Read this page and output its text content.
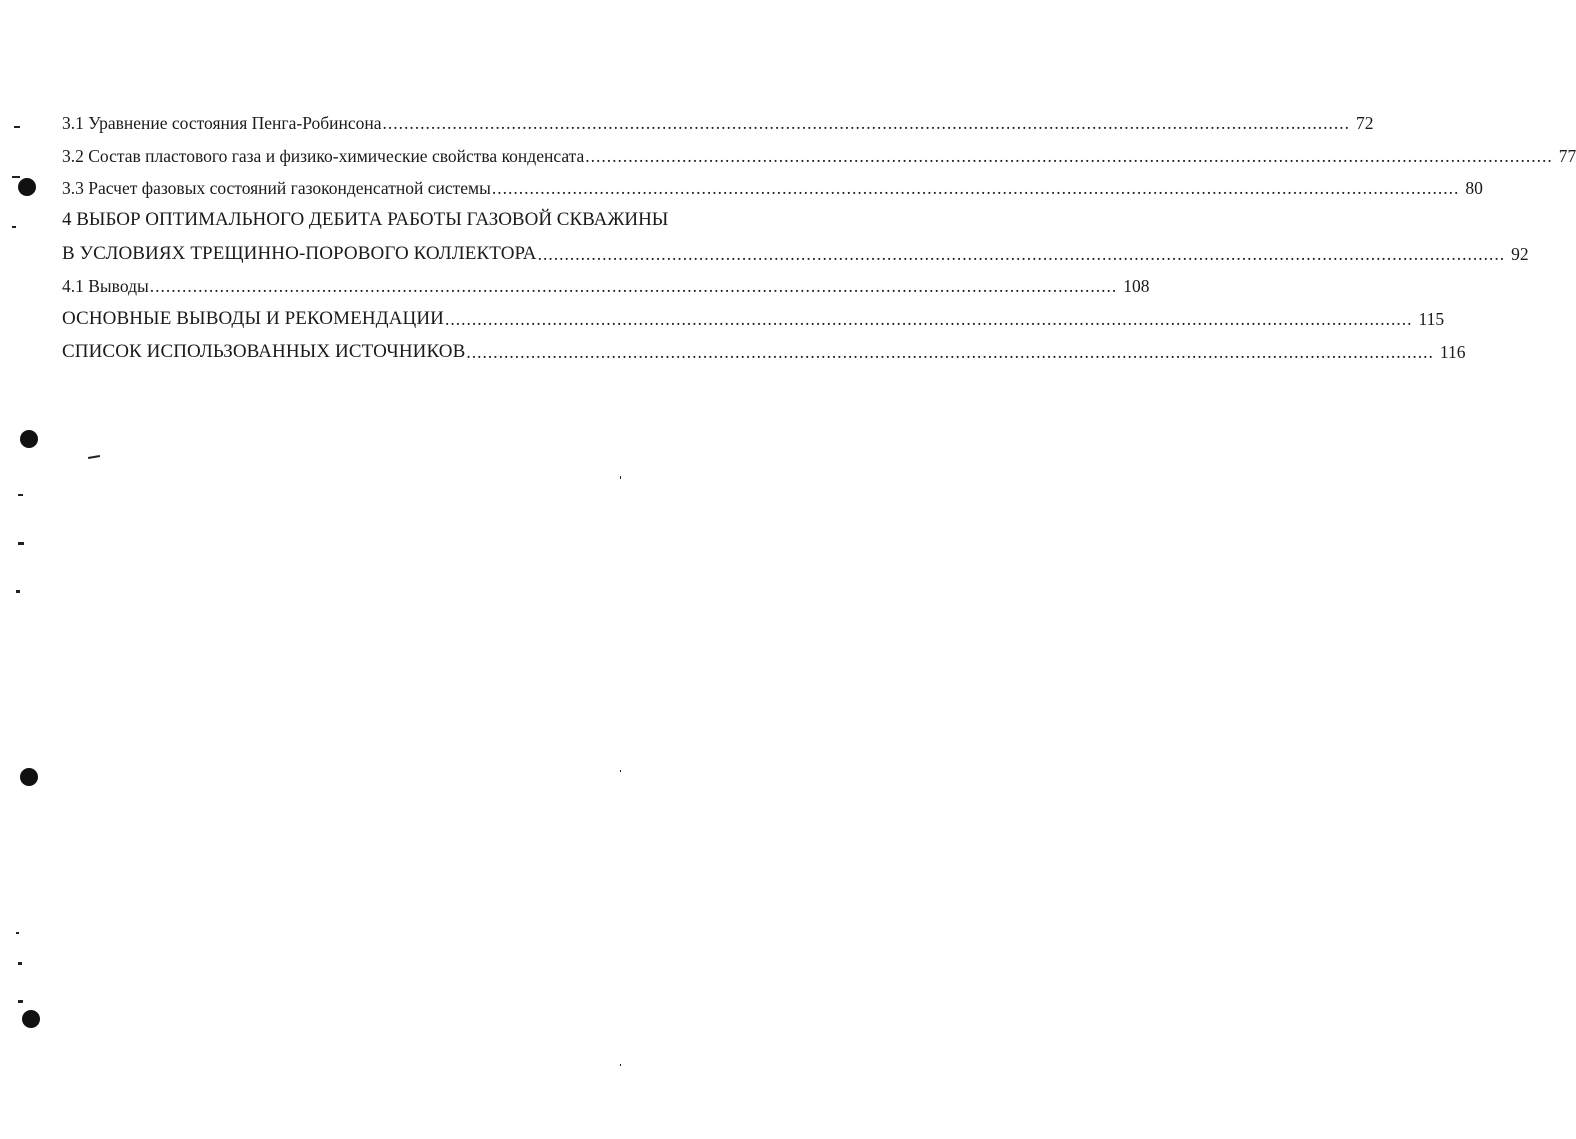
3.1 Уравнение состояния Пенга-Робинсона .................................................................................................................................................................................... 72
3.2 Состав пластового газа и физико-химические свойства конденсата .................................................................................................................................................................................... 77
3.3 Расчет фазовых состояний газоконденсатной системы .................................................................................................................................................................................... 80
4 ВЫБОР ОПТИМАЛЬНОГО ДЕБИТА РАБОТЫ ГАЗОВОЙ СКВАЖИНЫ
В УСЛОВИЯХ ТРЕЩИННО-ПОРОВОГО КОЛЛЕКТОРА .................................................................................................................................................................................... 92
4.1 Выводы .................................................................................................................................................................................... 108
ОСНОВНЫЕ ВЫВОДЫ И РЕКОМЕНДАЦИИ .................................................................................................................................................................................... 115
СПИСОК ИСПОЛЬЗОВАННЫХ ИСТОЧНИКОВ .................................................................................................................................................................................... 116
